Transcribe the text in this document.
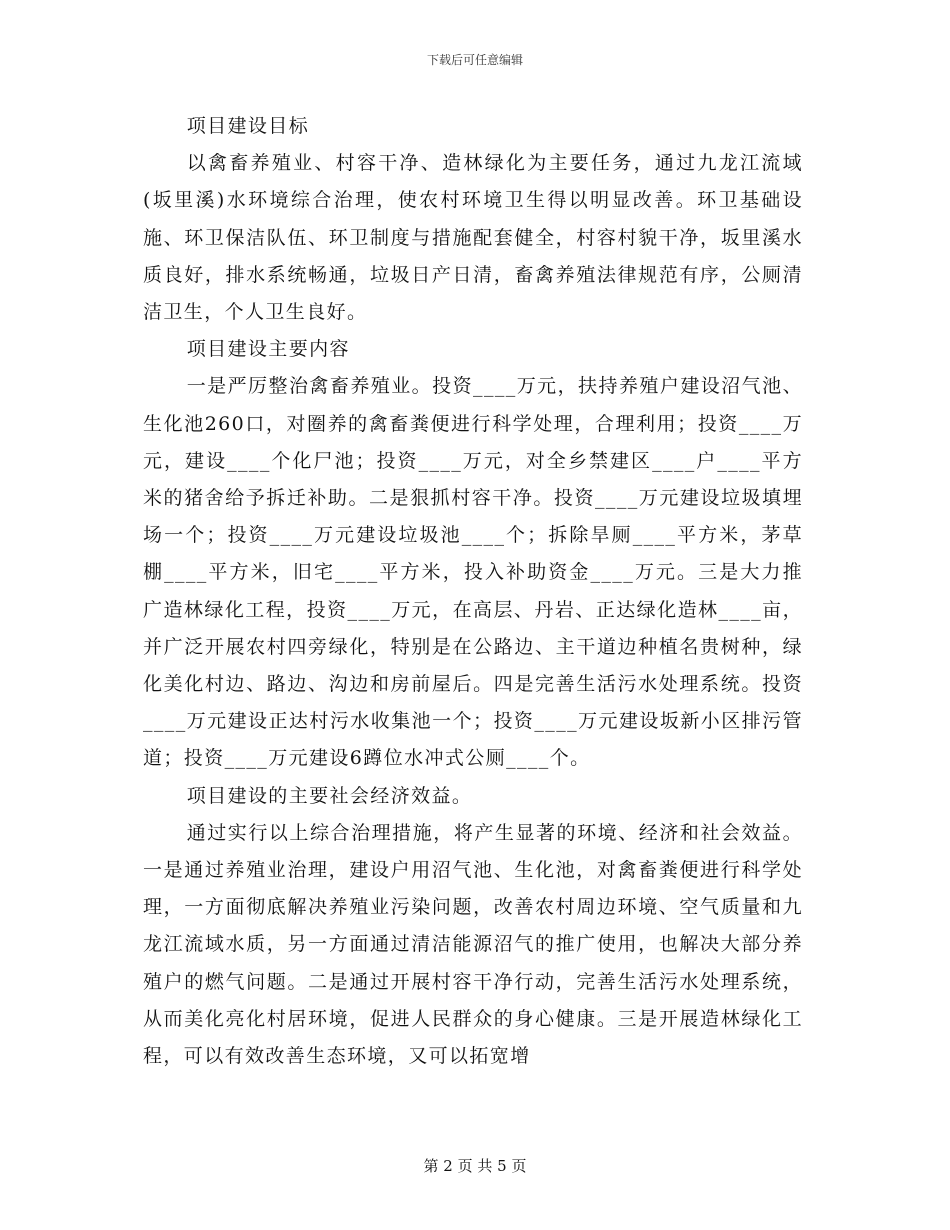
下载后可任意编辑

项目建设目标

以禽畜养殖业、村容干净、造林绿化为主要任务，通过九龙江流域(坂里溪)水环境综合治理，使农村环境卫生得以明显改善。环卫基础设施、环卫保洁队伍、环卫制度与措施配套健全，村容村貌干净，坂里溪水质良好，排水系统畅通，垃圾日产日清，畜禽养殖法律规范有序，公厕清洁卫生，个人卫生良好。

项目建设主要内容

一是严厉整治禽畜养殖业。投资____万元，扶持养殖户建设沼气池、生化池260口，对圈养的禽畜粪便进行科学处理，合理利用；投资____万元，建设____个化尸池；投资____万元，对全乡禁建区____户____平方米的猪舍给予拆迁补助。二是狠抓村容干净。投资____万元建设垃圾填埋场一个；投资____万元建设垃圾池____个；拆除旱厕____平方米，茅草棚____平方米，旧宅____平方米，投入补助资金____万元。三是大力推广造林绿化工程，投资____万元，在高层、丹岩、正达绿化造林____亩，并广泛开展农村四旁绿化，特别是在公路边、主干道边种植名贵树种，绿化美化村边、路边、沟边和房前屋后。四是完善生活污水处理系统。投资____万元建设正达村污水收集池一个；投资____万元建设坂新小区排污管道；投资____万元建设6蹲位水冲式公厕____个。

项目建设的主要社会经济效益。

通过实行以上综合治理措施，将产生显著的环境、经济和社会效益。一是通过养殖业治理，建设户用沼气池、生化池，对禽畜粪便进行科学处理，一方面彻底解决养殖业污染问题，改善农村周边环境、空气质量和九龙江流域水质，另一方面通过清洁能源沼气的推广使用，也解决大部分养殖户的燃气问题。二是通过开展村容干净行动，完善生活污水处理系统，从而美化亮化村居环境，促进人民群众的身心健康。三是开展造林绿化工程，可以有效改善生态环境，又可以拓宽增

第 2 页 共 5 页
